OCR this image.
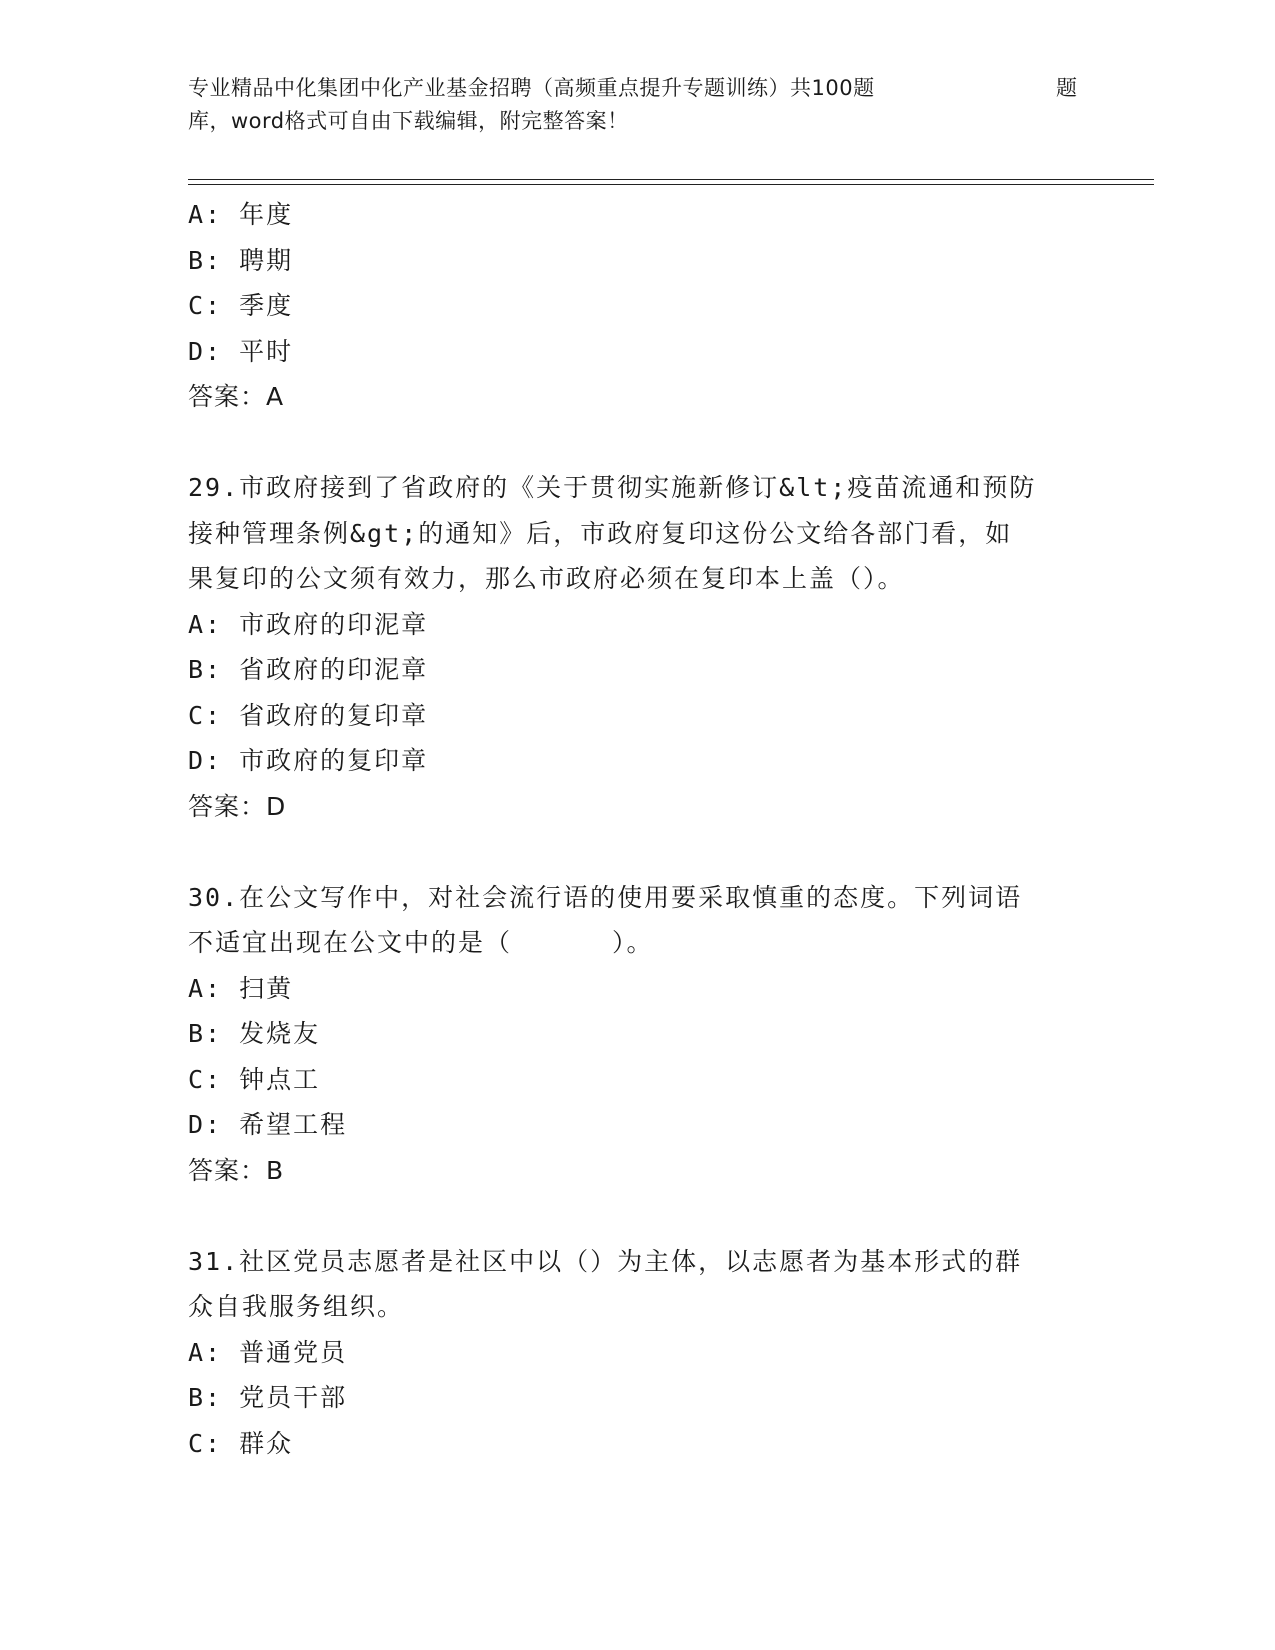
专业精品中化集团中化产业基金招聘（高频重点提升专题训练）共100题	题
库，word格式可自由下载编辑，附完整答案！
A: 年度
B: 聘期
C: 季度
D: 平时
答案：A
29.市政府接到了省政府的《关于贯彻实施新修订&lt;疫苗流通和预防
接种管理条例&gt;的通知》后，市政府复印这份公文给各部门看，如
果复印的公文须有效力，那么市政府必须在复印本上盖（）。
A: 市政府的印泥章
B: 省政府的印泥章
C: 省政府的复印章
D: 市政府的复印章
答案：D
30.在公文写作中，对社会流行语的使用要采取慎重的态度。下列词语
不适宜出现在公文中的是（	）。
A: 扫黄
B: 发烧友
C: 钟点工
D: 希望工程
答案：B
31.社区党员志愿者是社区中以（）为主体，以志愿者为基本形式的群
众自我服务组织。
A: 普通党员
B: 党员干部
C: 群众
